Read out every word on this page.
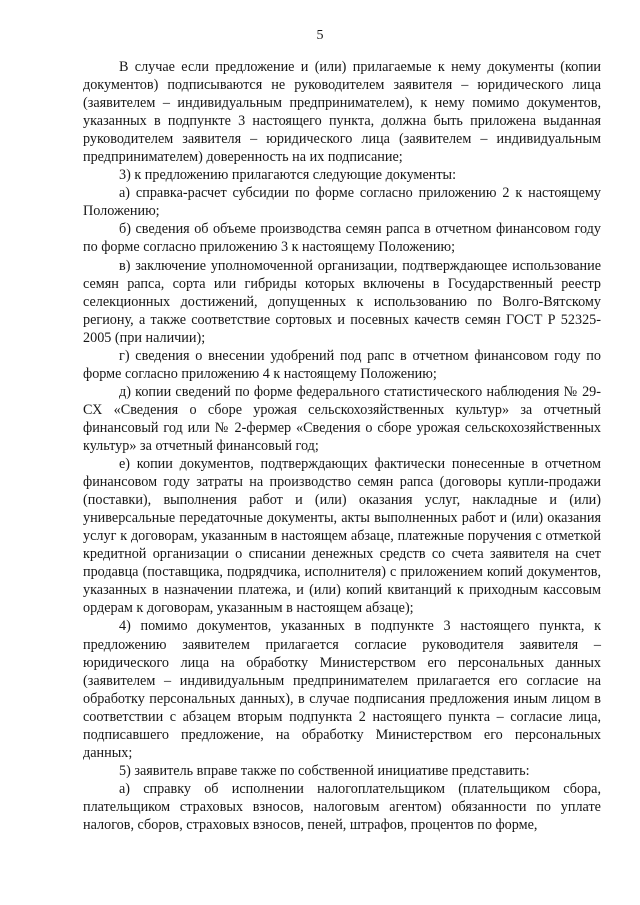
5

В случае если предложение и (или) прилагаемые к нему документы (копии документов) подписываются не руководителем заявителя – юридического лица (заявителем – индивидуальным предпринимателем), к нему помимо документов, указанных в подпункте 3 настоящего пункта, должна быть приложена выданная руководителем заявителя – юридического лица (заявителем – индивидуальным предпринимателем) доверенность на их подписание;

3) к предложению прилагаются следующие документы:

а) справка-расчет субсидии по форме согласно приложению 2 к настоящему Положению;

б) сведения об объеме производства семян рапса в отчетном финансовом году по форме согласно приложению 3 к настоящему Положению;

в) заключение уполномоченной организации, подтверждающее использование семян рапса, сорта или гибриды которых включены в Государственный реестр селекционных достижений, допущенных к использованию по Волго-Вятскому региону, а также соответствие сортовых и посевных качеств семян ГОСТ Р 52325-2005 (при наличии);

г) сведения о внесении удобрений под рапс в отчетном финансовом году по форме согласно приложению 4 к настоящему Положению;

д) копии сведений по форме федерального статистического наблюдения № 29-СХ «Сведения о сборе урожая сельскохозяйственных культур» за отчетный финансовый год или № 2-фермер «Сведения о сборе урожая сельскохозяйственных культур» за отчетный финансовый год;

е) копии документов, подтверждающих фактически понесенные в отчетном финансовом году затраты на производство семян рапса (договоры купли-продажи (поставки), выполнения работ и (или) оказания услуг, накладные и (или) универсальные передаточные документы, акты выполненных работ и (или) оказания услуг к договорам, указанным в настоящем абзаце, платежные поручения с отметкой кредитной организации о списании денежных средств со счета заявителя на счет продавца (поставщика, подрядчика, исполнителя) с приложением копий документов, указанных в назначении платежа, и (или) копий квитанций к приходным кассовым ордерам к договорам, указанным в настоящем абзаце);

4) помимо документов, указанных в подпункте 3 настоящего пункта, к предложению заявителем прилагается согласие руководителя заявителя – юридического лица на обработку Министерством его персональных данных (заявителем – индивидуальным предпринимателем прилагается его согласие на обработку персональных данных), в случае подписания предложения иным лицом в соответствии с абзацем вторым подпункта 2 настоящего пункта – согласие лица, подписавшего предложение, на обработку Министерством его персональных данных;

5) заявитель вправе также по собственной инициативе представить:

а) справку об исполнении налогоплательщиком (плательщиком сбора, плательщиком страховых взносов, налоговым агентом) обязанности по уплате налогов, сборов, страховых взносов, пеней, штрафов, процентов по форме,
